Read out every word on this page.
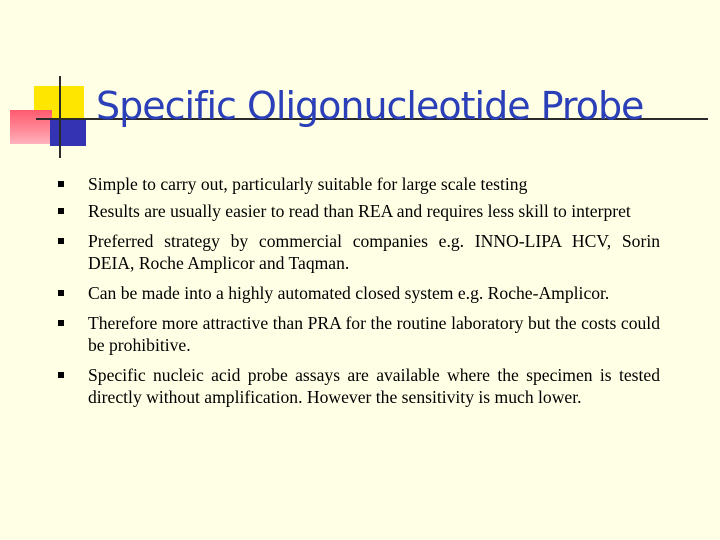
Specific Oligonucleotide Probe
Simple to carry out, particularly suitable for large scale testing
Results are usually easier to read than REA and requires less skill to interpret
Preferred strategy by commercial companies e.g. INNO-LIPA HCV, Sorin DEIA, Roche Amplicor and Taqman.
Can be made into a highly automated closed system e.g. Roche-Amplicor.
Therefore more attractive than PRA for the routine laboratory but the costs could be prohibitive.
Specific nucleic acid probe assays are available where the specimen is tested directly without amplification. However the sensitivity is much lower.
